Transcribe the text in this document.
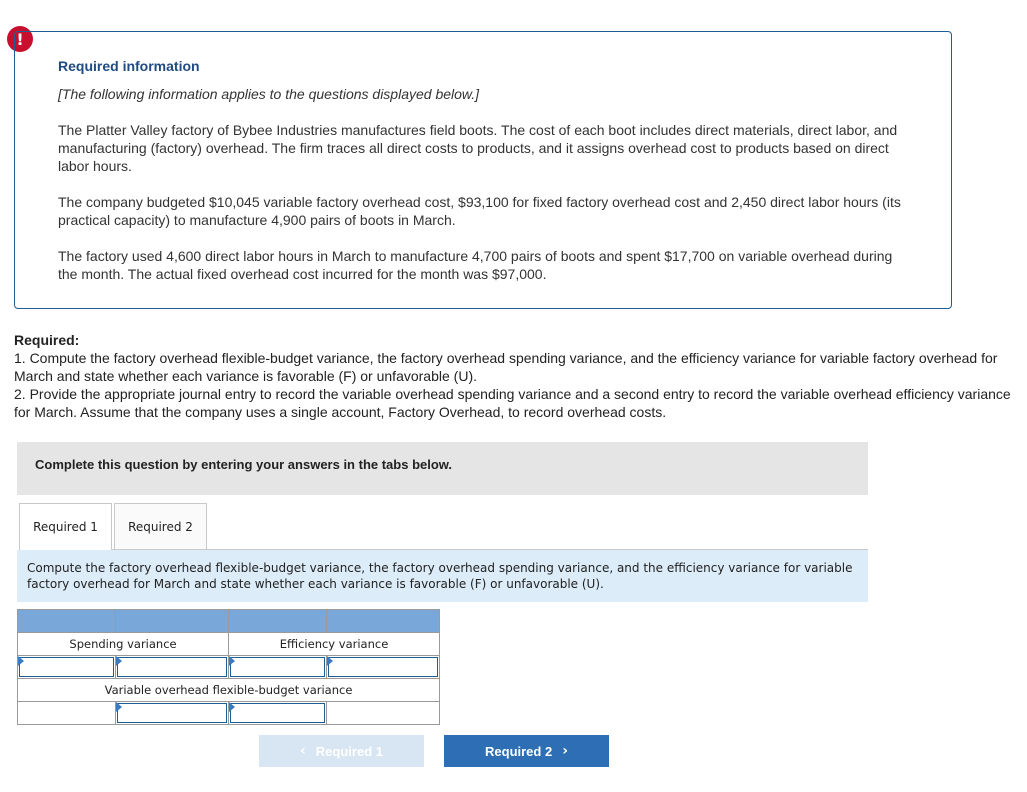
!
Required information
[The following information applies to the questions displayed below.]
The Platter Valley factory of Bybee Industries manufactures field boots. The cost of each boot includes direct materials, direct labor, and manufacturing (factory) overhead. The firm traces all direct costs to products, and it assigns overhead cost to products based on direct labor hours.
The company budgeted $10,045 variable factory overhead cost, $93,100 for fixed factory overhead cost and 2,450 direct labor hours (its practical capacity) to manufacture 4,900 pairs of boots in March.
The factory used 4,600 direct labor hours in March to manufacture 4,700 pairs of boots and spent $17,700 on variable overhead during the month. The actual fixed overhead cost incurred for the month was $97,000.
Required:
1. Compute the factory overhead flexible-budget variance, the factory overhead spending variance, and the efficiency variance for variable factory overhead for March and state whether each variance is favorable (F) or unfavorable (U).
2. Provide the appropriate journal entry to record the variable overhead spending variance and a second entry to record the variable overhead efficiency variance for March. Assume that the company uses a single account, Factory Overhead, to record overhead costs.
Complete this question by entering your answers in the tabs below.
Required 1	Required 2
Compute the factory overhead flexible-budget variance, the factory overhead spending variance, and the efficiency variance for variable factory overhead for March and state whether each variance is favorable (F) or unfavorable (U).

Spending variance		Efficiency variance	

Variable overhead flexible-budget variance			

‹ Required 1	Required 2 ›
